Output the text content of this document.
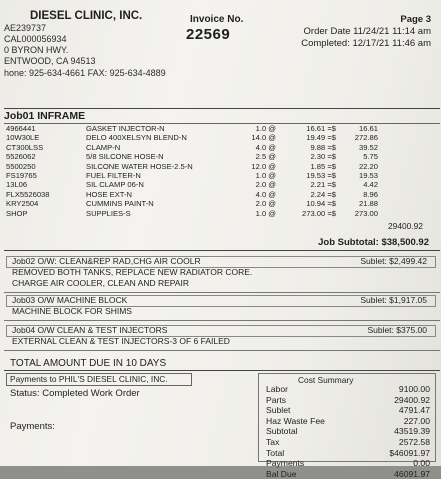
DIESEL CLINIC, INC.
AE239737
CAL000056934
0 BYRON HWY.
ENTWOOD, CA 94513
hone: 925-634-4661 FAX: 925-634-4889
Invoice No.
22569
Page 3
Order Date 11/24/21 11:14 am
Completed: 12/17/21 11:46 am
Job01 INFRAME
4966441	GASKET INJECTOR-N	1.0 @	16.61 =$	16.61
10W30LE	DELO 400XELSYN BLEND-N	14.0 @	19.49 =$	272.86
CT300LSS	CLAMP-N	4.0 @	9.88 =$	39.52
5526062	5/8 SILCONE HOSE-N	2.5 @	2.30 =$	5.75
5500250	SILCONE WATER HOSE-2.5-N	12.0 @	1.85 =$	22.20
FS19765	FUEL FILTER-N	1.0 @	19.53 =$	19.53
13L06	SIL CLAMP 06-N	2.0 @	2.21 =$	4.42
FLX5526038	HOSE EXT-N	4.0 @	2.24 =$	8.96
KRY2504	CUMMINS PAINT-N	2.0 @	10.94 =$	21.88
SHOP	SUPPLIES-S	1.0 @	273.00 =$	273.00
29400.92
Job Subtotal: $38,500.92
Job02 O/W: CLEAN&REP RAD,CHG AIR COOLR	Sublet: $2,499.42
REMOVED BOTH TANKS, REPLACE NEW RADIATOR CORE.
CHARGE AIR COOLER, CLEAN AND REPAIR
Job03 O/W MACHINE BLOCK	Sublet: $1,917.05
MACHINE BLOCK FOR SHIMS
Job04 O/W CLEAN & TEST INJECTORS	Sublet: $375.00
EXTERNAL CLEAN & TEST INJECTORS-3 OF 6 FAILED
TOTAL AMOUNT DUE IN 10 DAYS
Payments to PHIL'S DIESEL CLINIC, INC.
Status: Completed Work Order
Payments:
Cost Summary
Labor	9100.00
Parts	29400.92
Sublet	4791.47
Haz Waste Fee	227.00
Subtotal	43519.39
Tax	2572.58
Total	$46091.97
Payments	0.00
Bal Due	46091.97
